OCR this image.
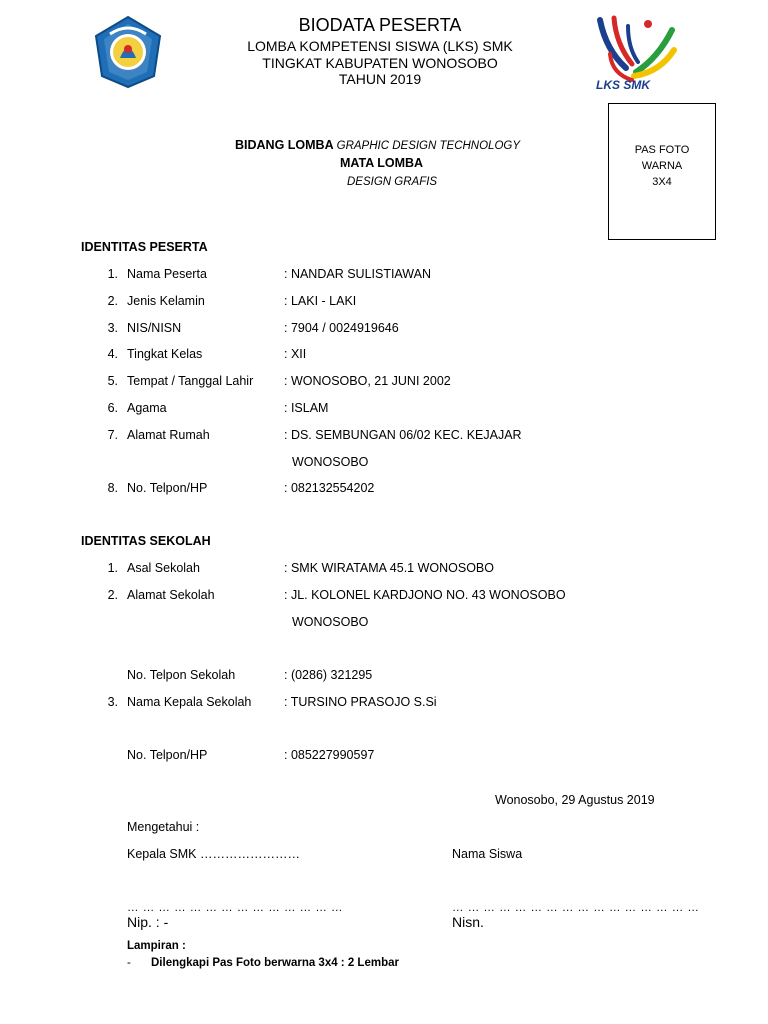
LKS SMK
BIODATA PESERTA
LOMBA KOMPETENSI SISWA (LKS) SMK
TINGKAT KABUPATEN WONOSOBO
TAHUN 2019
PAS FOTO
WARNA
3X4
BIDANG LOMBA GRAPHIC DESIGN TECHNOLOGY
MATA LOMBA
DESIGN GRAFIS
IDENTITAS PESERTA
1. Nama Peserta	: NANDAR SULISTIAWAN
2. Jenis Kelamin	: LAKI - LAKI
3. NIS/NISN	: 7904 / 0024919646
4. Tingkat Kelas	: XII
5. Tempat / Tanggal Lahir : WONOSOBO, 21 JUNI 2002
6. Agama	: ISLAM
7. Alamat Rumah	: DS. SEMBUNGAN 06/02 KEC. KEJAJAR
WONOSOBO
8. No. Telpon/HP	: 082132554202
IDENTITAS SEKOLAH
1. Asal Sekolah	: SMK WIRATAMA 45.1 WONOSOBO
2. Alamat Sekolah	: JL. KOLONEL KARDJONO NO. 43 WONOSOBO
WONOSOBO
No. Telpon Sekolah	: (0286) 321295
3. Nama Kepala Sekolah	: TURSINO PRASOJO S.Si
No. Telpon/HP	: 085227990597
Wonosobo, 29 Agustus 2019
Mengetahui :
Kepala SMK ……………………	Nama Siswa
… … … … … … … … … … … … … …	… … … … … … … … … … … … … … … …
Nip. : -	Nisn.
Lampiran :
- Dilengkapi Pas Foto berwarna 3x4 : 2 Lembar
